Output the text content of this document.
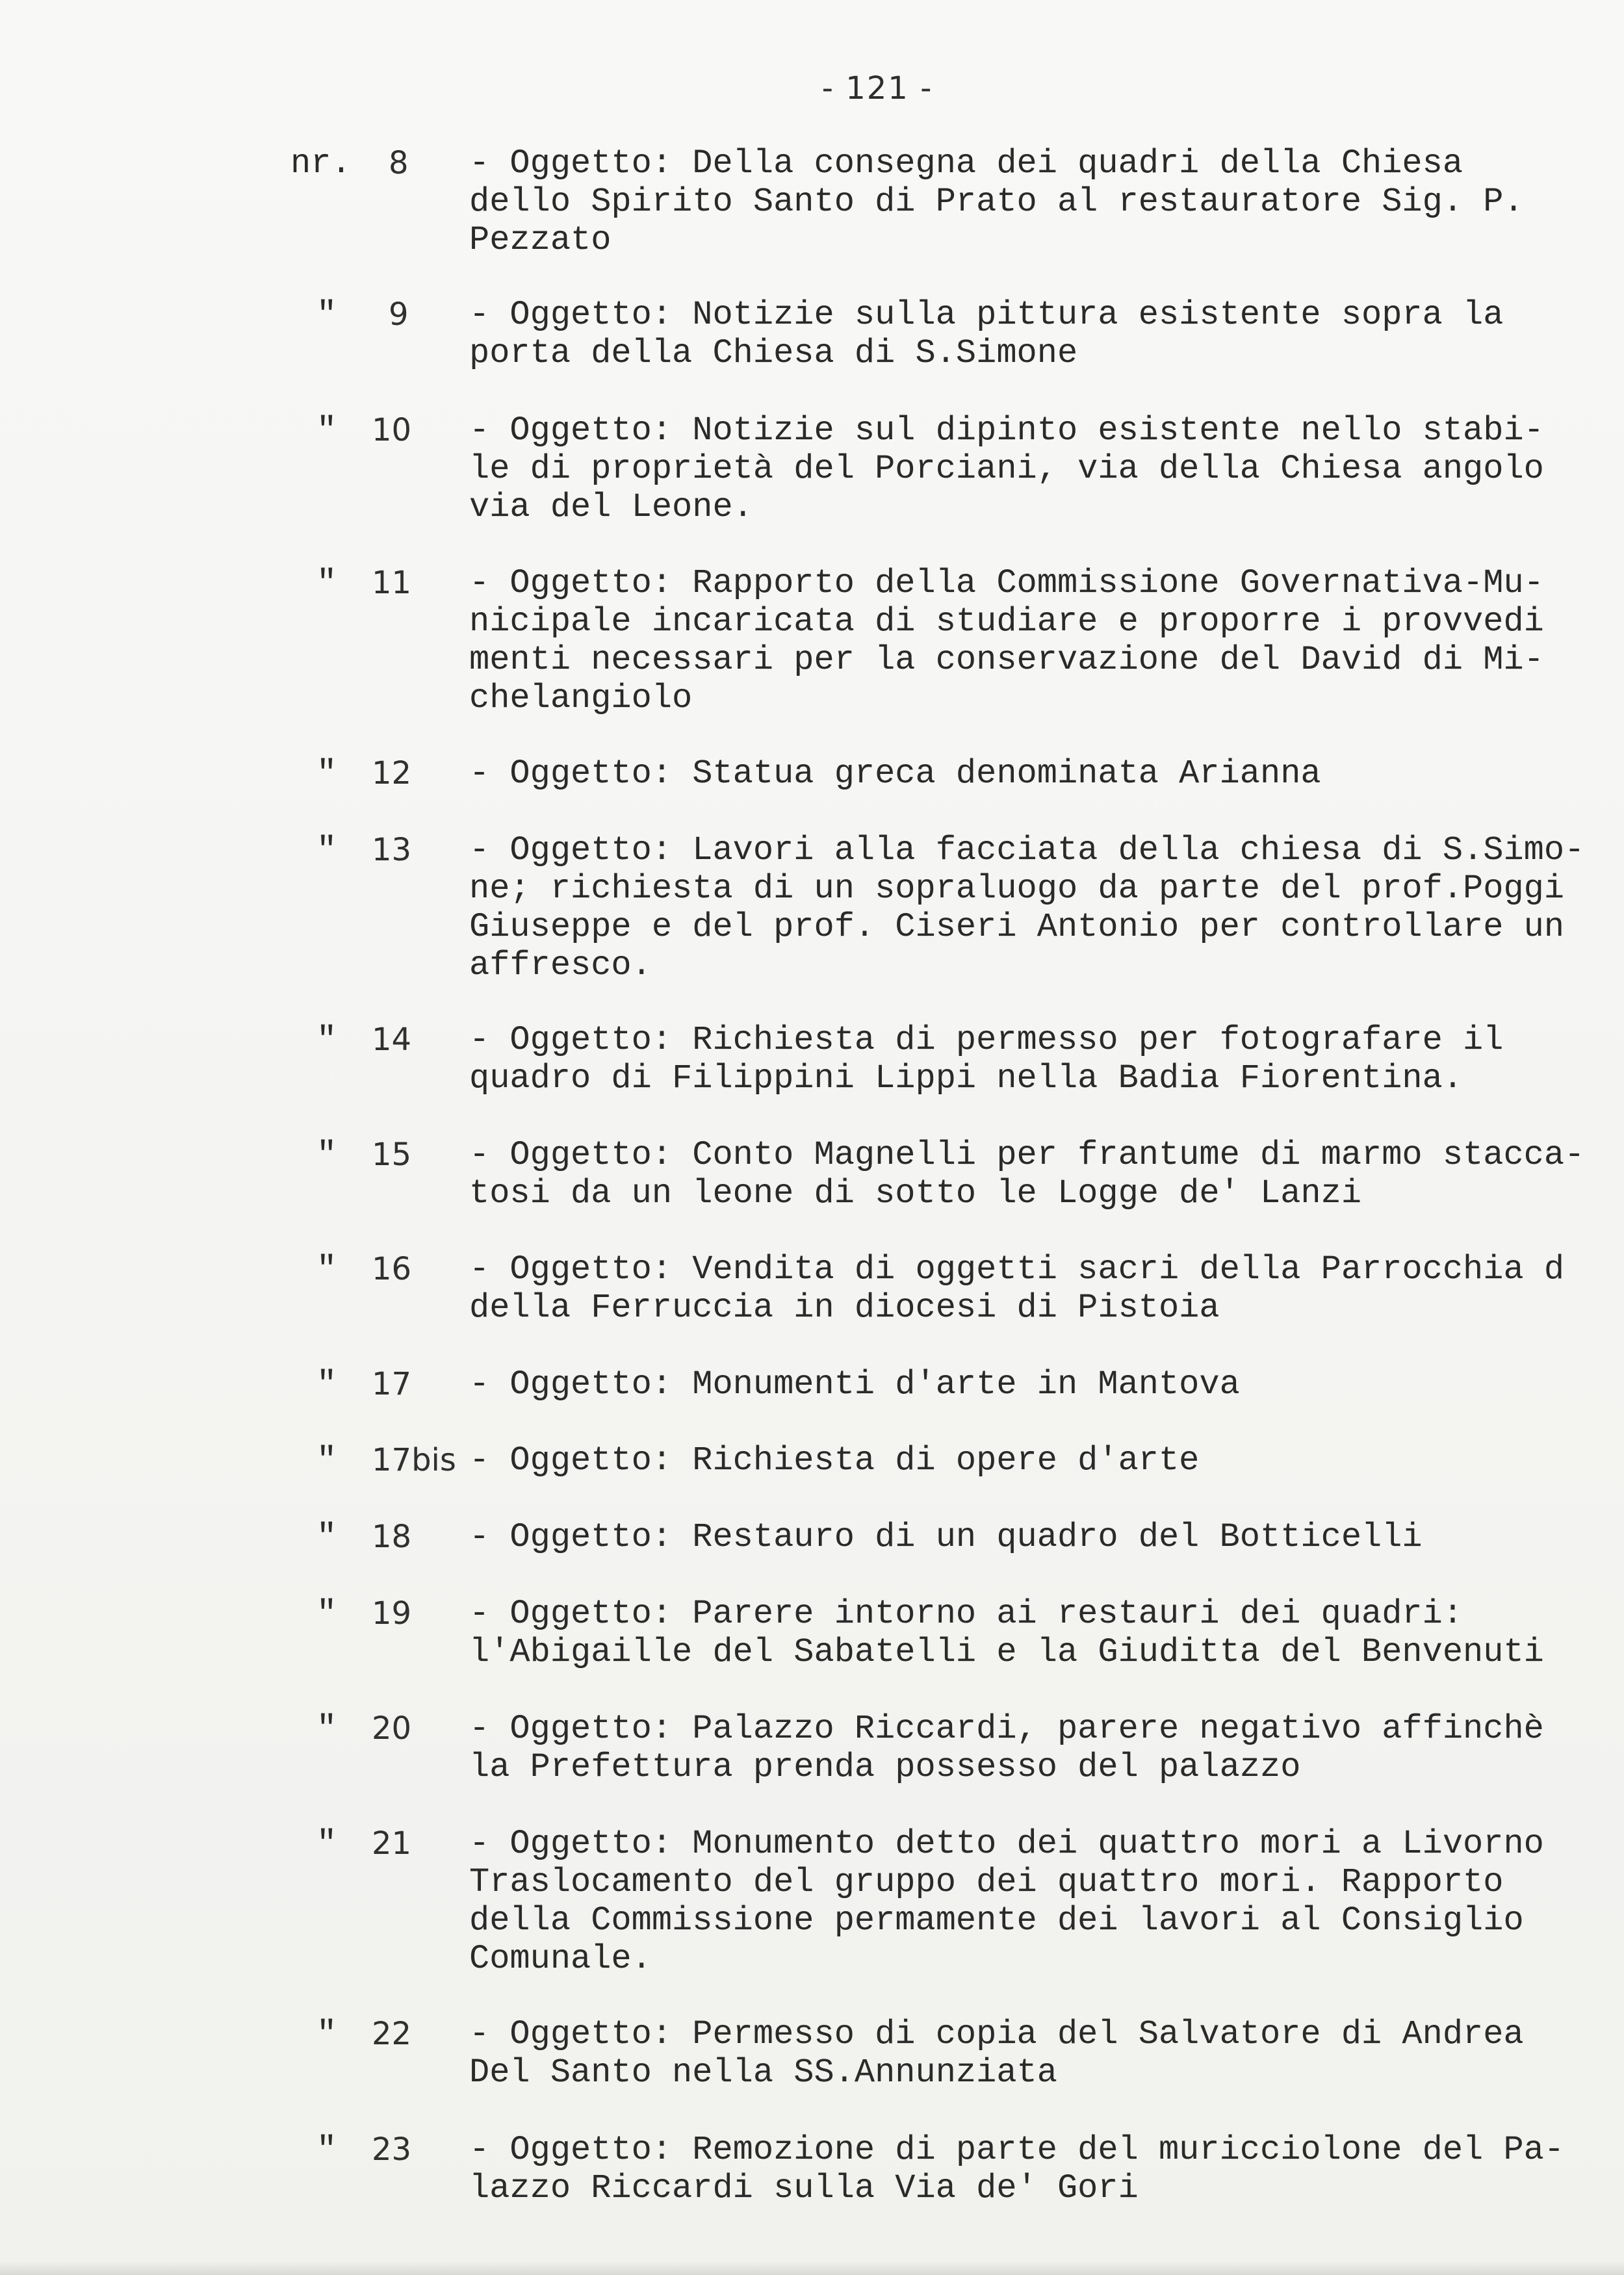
- 121 -
nr. 8 - Oggetto: Della consegna dei quadri della Chiesa
dello Spirito Santo di Prato al restauratore Sig. P.
Pezzato
" 9 - Oggetto: Notizie sulla pittura esistente sopra la
porta della Chiesa di S.Simone
" 10 - Oggetto: Notizie sul dipinto esistente nello stabi-
le di proprietà del Porciani, via della Chiesa angolo
via del Leone.
" 11 - Oggetto: Rapporto della Commissione Governativa-Mu-
nicipale incaricata di studiare e proporre i provvedi
menti necessari per la conservazione del David di Mi-
chelangiolo
" 12 - Oggetto: Statua greca denominata Arianna
" 13 - Oggetto: Lavori alla facciata della chiesa di S.Simo-
ne; richiesta di un sopraluogo da parte del prof.Poggi
Giuseppe e del prof. Ciseri Antonio per controllare un
affresco.
" 14 - Oggetto: Richiesta di permesso per fotografare il
quadro di Filippini Lippi nella Badia Fiorentina.
" 15 - Oggetto: Conto Magnelli per frantume di marmo stacca-
tosi da un leone di sotto le Logge de' Lanzi
" 16 - Oggetto: Vendita di oggetti sacri della Parrocchia d
della Ferruccia in diocesi di Pistoia
" 17 - Oggetto: Monumenti d'arte in Mantova
" 17bis - Oggetto: Richiesta di opere d'arte
" 18 - Oggetto: Restauro di un quadro del Botticelli
" 19 - Oggetto: Parere intorno ai restauri dei quadri:
l'Abigaille del Sabatelli e la Giuditta del Benvenuti
" 20 - Oggetto: Palazzo Riccardi, parere negativo affinchè
la Prefettura prenda possesso del palazzo
" 21 - Oggetto: Monumento detto dei quattro mori a Livorno
Traslocamento del gruppo dei quattro mori. Rapporto
della Commissione permamente dei lavori al Consiglio
Comunale.
" 22 - Oggetto: Permesso di copia del Salvatore di Andrea
Del Santo nella SS.Annunziata
" 23 - Oggetto: Remozione di parte del muricciolone del Pa-
lazzo Riccardi sulla Via de' Gori
